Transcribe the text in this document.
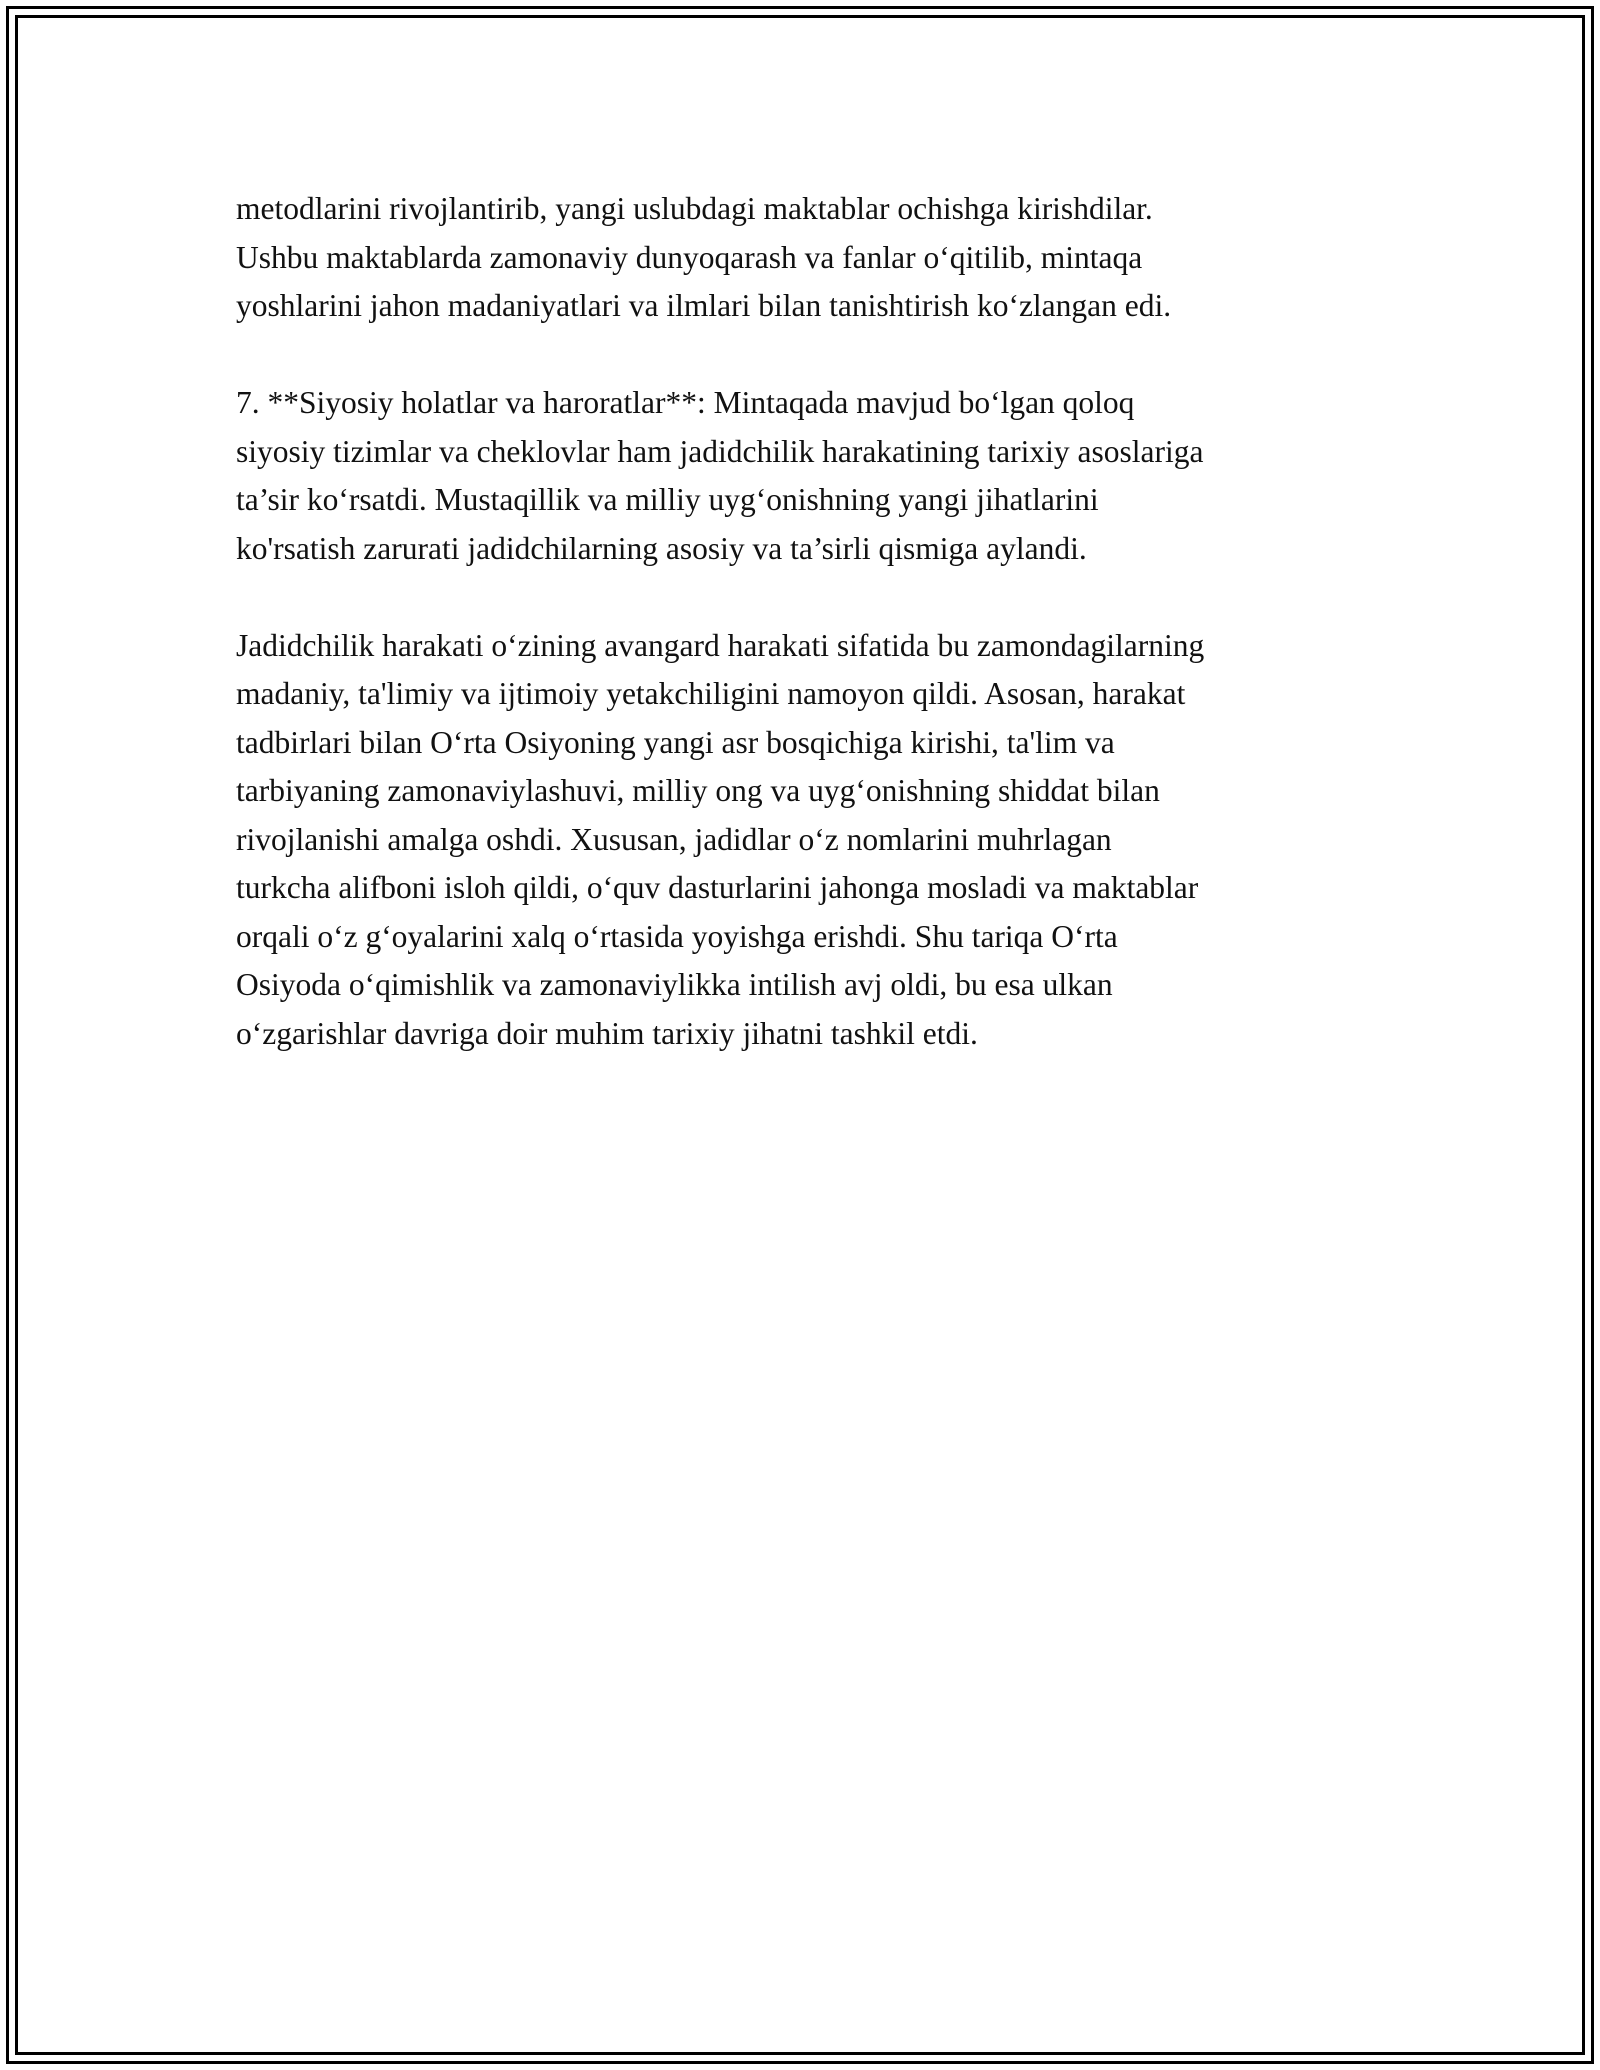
metodlarini rivojlantirib, yangi uslubdagi maktablar ochishga kirishdilar.
Ushbu maktablarda zamonaviy dunyoqarash va fanlar o‘qitilib, mintaqa
yoshlarini jahon madaniyatlari va ilmlari bilan tanishtirish ko‘zlangan edi.

7. **Siyosiy holatlar va haroratlar**: Mintaqada mavjud bo‘lgan qoloq
siyosiy tizimlar va cheklovlar ham jadidchilik harakatining tarixiy asoslariga
ta’sir ko‘rsatdi. Mustaqillik va milliy uyg‘onishning yangi jihatlarini
ko'rsatish zarurati jadidchilarning asosiy va ta’sirli qismiga aylandi.

Jadidchilik harakati o‘zining avangard harakati sifatida bu zamondagilarning
madaniy, ta'limiy va ijtimoiy yetakchiligini namoyon qildi. Asosan, harakat
tadbirlari bilan O‘rta Osiyoning yangi asr bosqichiga kirishi, ta'lim va
tarbiyaning zamonaviylashuvi, milliy ong va uyg‘onishning shiddat bilan
rivojlanishi amalga oshdi. Xususan, jadidlar o‘z nomlarini muhrlagan
turkcha alifboni isloh qildi, o‘quv dasturlarini jahonga mosladi va maktablar
orqali o‘z g‘oyalarini xalq o‘rtasida yoyishga erishdi. Shu tariqa O‘rta
Osiyoda o‘qimishlik va zamonaviylikka intilish avj oldi, bu esa ulkan
o‘zgarishlar davriga doir muhim tarixiy jihatni tashkil etdi.
